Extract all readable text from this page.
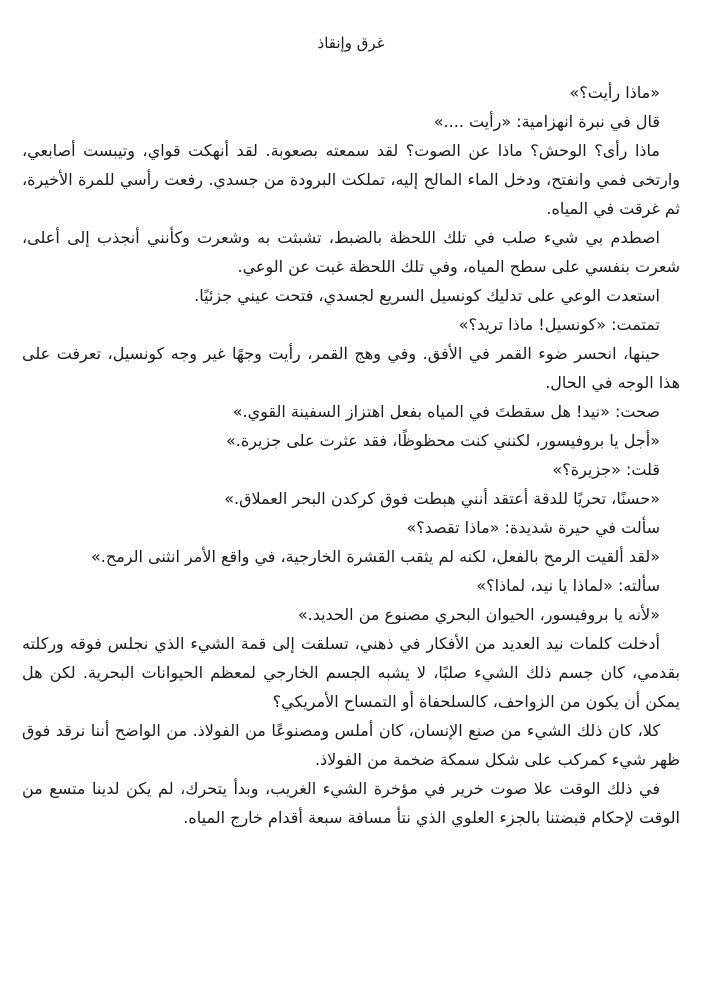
غرق وإنقاذ

«ماذا رأيت؟»

قال في نبرة انهزامية: «رأيت ....»

ماذا رأى؟ الوحش؟ ماذا عن الصوت؟ لقد سمعته بصعوبة. لقد أنهكت قواي، وتيبست أصابعي، وارتخى فمي وانفتح، ودخل الماء المالح إليه، تملكت البرودة من جسدي. رفعت رأسي للمرة الأخيرة، ثم غرقت في المياه.

اصطدم بي شيء صلب في تلك اللحظة بالضبط، تشبثت به وشعرت وكأنني أنجذب إلى أعلى، شعرت بنفسي على سطح المياه، وفي تلك اللحظة غبت عن الوعي.

استعدت الوعي على تدليك كونسيل السريع لجسدي، فتحت عيني جزئيًا.

تمتمت: «كونسيل! ماذا تريد؟»

حينها، انحسر ضوء القمر في الأفق. وفي وهج القمر، رأيت وجهًا غير وجه كونسيل، تعرفت على هذا الوجه في الحال.

صحت: «نيد! هل سقطتَ في المياه بفعل اهتزاز السفينة القوي.»

«أجل يا بروفيسور، لكنني كنت محظوظًا، فقد عثرت على جزيرة.»

قلت: «جزيرة؟»

«حسنًا، تحريًا للدقة أعتقد أنني هبطت فوق كركدن البحر العملاق.»

سألت في حيرة شديدة: «ماذا تقصد؟»

«لقد ألقيت الرمح بالفعل، لكنه لم يثقب القشرة الخارجية، في واقع الأمر انثنى الرمح.»

سألته: «لماذا يا نيد، لماذا؟»

«لأنه يا بروفيسور، الحيوان البحري مصنوع من الحديد.»

أدخلت كلمات نيد العديد من الأفكار في ذهني، تسلقت إلى قمة الشيء الذي نجلس فوقه وركلته بقدمي، كان جسم ذلك الشيء صلبًا، لا يشبه الجسم الخارجي لمعظم الحيوانات البحرية. لكن هل يمكن أن يكون من الزواحف، كالسلحفاة أو التمساح الأمريكي؟

كلا، كان ذلك الشيء من صنع الإنسان، كان أملس ومصنوعًا من الفولاذ. من الواضح أننا نرقد فوق ظهر شيء كمركب على شكل سمكة ضخمة من الفولاذ.

في ذلك الوقت علا صوت خرير في مؤخرة الشيء الغريب، وبدأ يتحرك، لم يكن لدينا متسع من الوقت لإحكام قبضتنا بالجزء العلوي الذي نتأ مسافة سبعة أقدام خارج المياه.
